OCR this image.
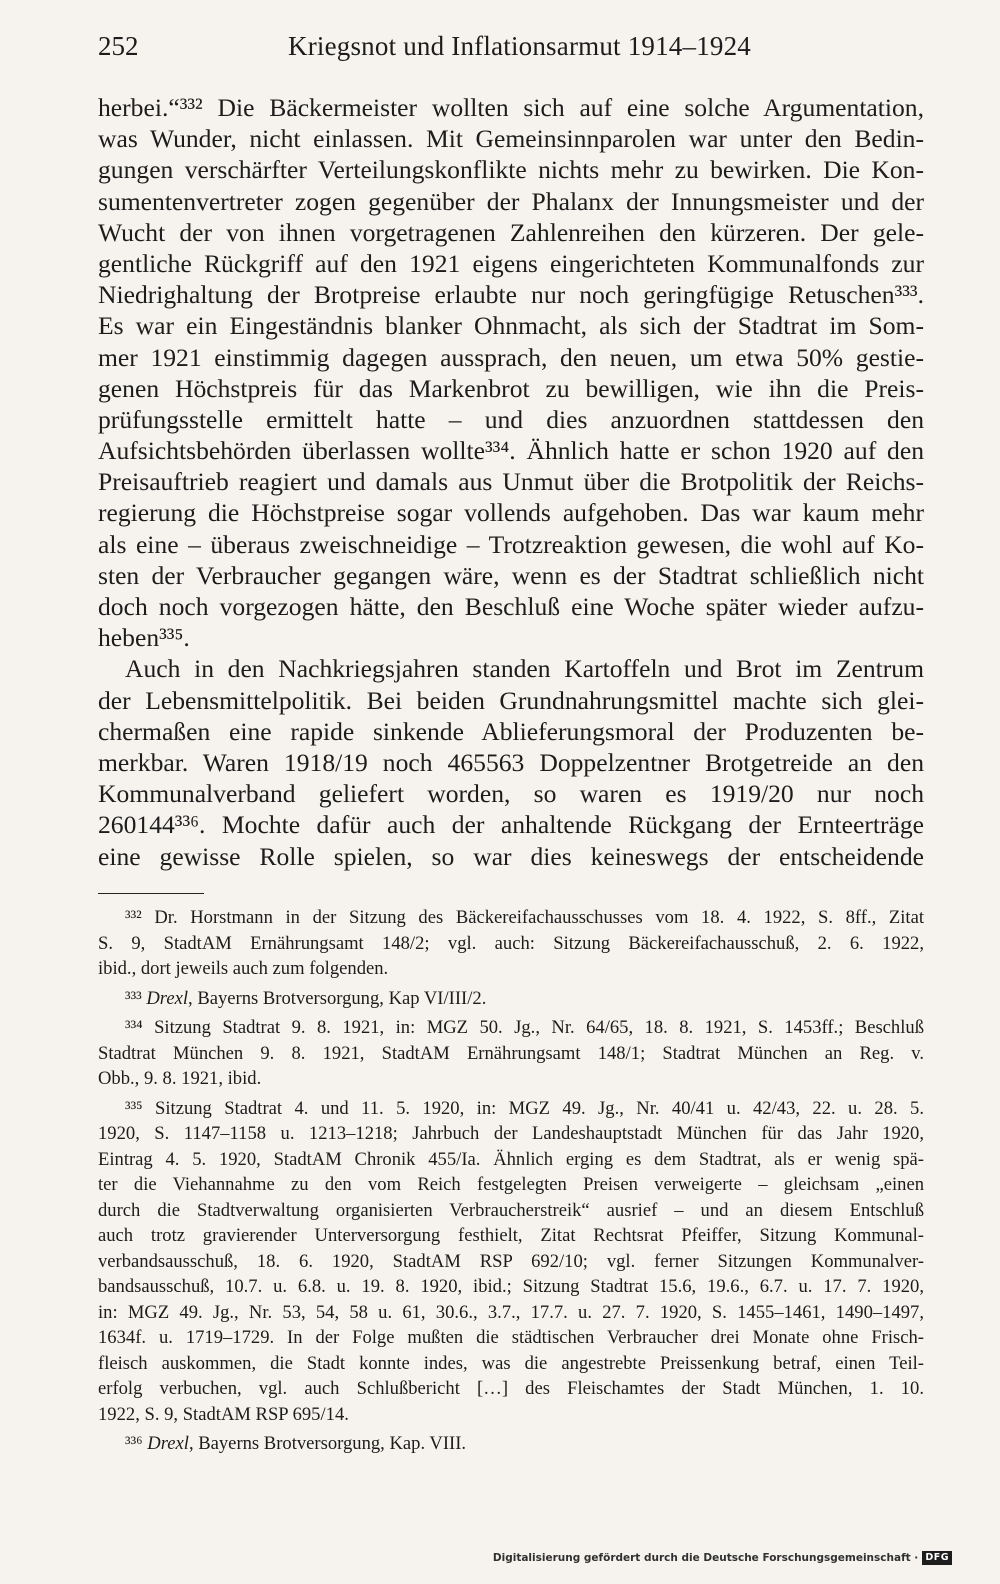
252	Kriegsnot und Inflationsarmut 1914–1924
herbei.“³³² Die Bäckermeister wollten sich auf eine solche Argumentation,
was Wunder, nicht einlassen. Mit Gemeinsinnparolen war unter den Bedin-
gungen verschärfter Verteilungskonflikte nichts mehr zu bewirken. Die Kon-
sumentenvertreter zogen gegenüber der Phalanx der Innungsmeister und der
Wucht der von ihnen vorgetragenen Zahlenreihen den kürzeren. Der gele-
gentliche Rückgriff auf den 1921 eigens eingerichteten Kommunalfonds zur
Niedrighaltung der Brotpreise erlaubte nur noch geringfügige Retuschen³³³.
Es war ein Eingeständnis blanker Ohnmacht, als sich der Stadtrat im Som-
mer 1921 einstimmig dagegen aussprach, den neuen, um etwa 50% gestie-
genen Höchstpreis für das Markenbrot zu bewilligen, wie ihn die Preis-
prüfungsstelle ermittelt hatte – und dies anzuordnen stattdessen den
Aufsichtsbehörden überlassen wollte³³⁴. Ähnlich hatte er schon 1920 auf den
Preisauftrieb reagiert und damals aus Unmut über die Brotpolitik der Reichs-
regierung die Höchstpreise sogar vollends aufgehoben. Das war kaum mehr
als eine – überaus zweischneidige – Trotzreaktion gewesen, die wohl auf Ko-
sten der Verbraucher gegangen wäre, wenn es der Stadtrat schließlich nicht
doch noch vorgezogen hätte, den Beschluß eine Woche später wieder aufzu-
heben³³⁵.
Auch in den Nachkriegsjahren standen Kartoffeln und Brot im Zentrum
der Lebensmittelpolitik. Bei beiden Grundnahrungsmittel machte sich glei-
chermaßen eine rapide sinkende Ablieferungsmoral der Produzenten be-
merkbar. Waren 1918/19 noch 465563 Doppelzentner Brotgetreide an den
Kommunalverband geliefert worden, so waren es 1919/20 nur noch
260144³³⁶. Mochte dafür auch der anhaltende Rückgang der Ernteerträge
eine gewisse Rolle spielen, so war dies keineswegs der entscheidende
³³² Dr. Horstmann in der Sitzung des Bäckereifachausschusses vom 18. 4. 1922, S. 8ff., Zitat
S. 9, StadtAM Ernährungsamt 148/2; vgl. auch: Sitzung Bäckereifachausschuß, 2. 6. 1922,
ibid., dort jeweils auch zum folgenden.
³³³ Drexl, Bayerns Brotversorgung, Kap VI/III/2.
³³⁴ Sitzung Stadtrat 9. 8. 1921, in: MGZ 50. Jg., Nr. 64/65, 18. 8. 1921, S. 1453ff.; Beschluß
Stadtrat München 9. 8. 1921, StadtAM Ernährungsamt 148/1; Stadtrat München an Reg. v.
Obb., 9. 8. 1921, ibid.
³³⁵ Sitzung Stadtrat 4. und 11. 5. 1920, in: MGZ 49. Jg., Nr. 40/41 u. 42/43, 22. u. 28. 5.
1920, S. 1147–1158 u. 1213–1218; Jahrbuch der Landeshauptstadt München für das Jahr 1920,
Eintrag 4. 5. 1920, StadtAM Chronik 455/Ia. Ähnlich erging es dem Stadtrat, als er wenig spä-
ter die Viehannahme zu den vom Reich festgelegten Preisen verweigerte – gleichsam „einen
durch die Stadtverwaltung organisierten Verbraucherstreik“ ausrief – und an diesem Entschluß
auch trotz gravierender Unterversorgung festhielt, Zitat Rechtsrat Pfeiffer, Sitzung Kommunal-
verbandsausschuß, 18. 6. 1920, StadtAM RSP 692/10; vgl. ferner Sitzungen Kommunalver-
bandsausschuß, 10.7. u. 6.8. u. 19. 8. 1920, ibid.; Sitzung Stadtrat 15.6, 19.6., 6.7. u. 17. 7. 1920,
in: MGZ 49. Jg., Nr. 53, 54, 58 u. 61, 30.6., 3.7., 17.7. u. 27. 7. 1920, S. 1455–1461, 1490–1497,
1634f. u. 1719–1729. In der Folge mußten die städtischen Verbraucher drei Monate ohne Frisch-
fleisch auskommen, die Stadt konnte indes, was die angestrebte Preissenkung betraf, einen Teil-
erfolg verbuchen, vgl. auch Schlußbericht […] des Fleischamtes der Stadt München, 1. 10.
1922, S. 9, StadtAM RSP 695/14.
³³⁶ Drexl, Bayerns Brotversorgung, Kap. VIII.
Digitalisierung gefördert durch die Deutsche Forschungsgemeinschaft · DFG
